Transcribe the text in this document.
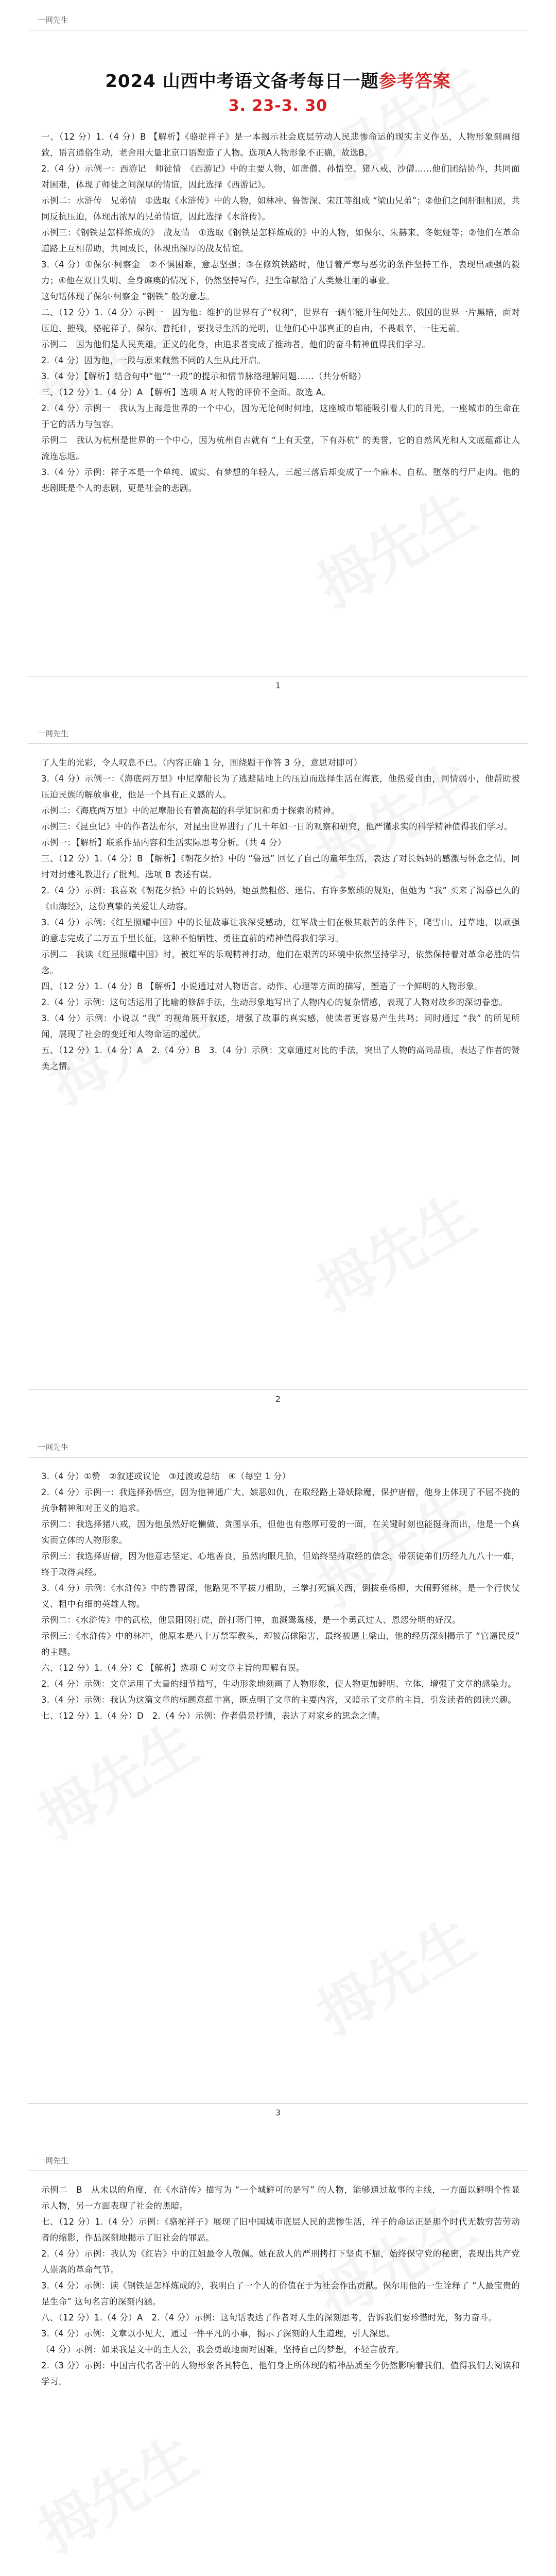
一网先生
2024 山西中考语文备考每日一题参考答案
3. 23-3. 30

一、（12 分）1.（4 分）B 【解析】《骆驼祥子》是一本揭示社会底层劳动人民悲惨命运的现实主义作品，人物形象刻画细致，语言通俗生动，老舍用大量北京口语塑造了人物。选项A人物形象不正确，故选B。

2.（4 分）示例一：西游记　师徒情　《西游记》中的主要人物，如唐僧、孙悟空、猪八戒、沙僧……他们团结协作，共同面对困难，体现了师徒之间深厚的情谊，因此选择《西游记》。

示例二：水浒传　兄弟情　①选取《水浒传》中的人物，如林冲、鲁智深、宋江等组成 “梁山兄弟”；②他们之间肝胆相照，共同反抗压迫，体现出浓厚的兄弟情谊，因此选择《水浒传》。

示例三：《钢铁是怎样炼成的》　战友情　①选取《钢铁是怎样炼成的》中的人物，如保尔、朱赫来、冬妮娅等；②他们在革命道路上互相帮助，共同成长，体现出深厚的战友情谊。

3.（4 分）①保尔·柯察金　②不惧困难，意志坚强；③在修筑铁路时，他冒着严寒与恶劣的条件坚持工作，表现出顽强的毅力；④他在双目失明、全身瘫痪的情况下，仍然坚持写作，把生命献给了人类最壮丽的事业。

这句话体现了保尔·柯察金 “钢铁” 般的意志。

二、（12 分）1.（4 分）示例一　因为他：维护的世界有了“权利”，世界有一辆车能开往何处去。俄国的世界一片黑暗，面对压迫、摧残，骆驼祥子，保尔、普托什，要找寻生活的光明，让他们心中那真正的自由，不畏艰辛，一往无前。

示例二　因为他们是人民英雄，正义的化身，由追求者变成了推动者，他们的奋斗精神值得我们学习。

2.（4 分）因为他，一段与原来截然不同的人生从此开启。

3.（4 分）【解析】结合句中“他”“一段”的提示和情节脉络理解问题……（共分析略）

三、（12 分）1.（4 分）A 【解析】选项 A 对人物的评价不全面。故选 A。

2.（4 分）示例一　我认为上海是世界的一个中心，因为无论何时何地，这座城市都能吸引着人们的目光，一座城市的生命在于它的活力与包容。

示例二　我认为杭州是世界的一个中心，因为杭州自古就有 “上有天堂，下有苏杭” 的美誉，它的自然风光和人文底蕴都让人流连忘返。

3.（4 分）示例：祥子本是一个单纯、诚实、有梦想的年轻人，三起三落后却变成了一个麻木、自私、堕落的行尸走肉。他的悲剧既是个人的悲剧，更是社会的悲剧。

1
一网先生

了人生的光彩，令人叹息不已。（内容正确 1 分，围绕题干作答 3 分，意思对即可）

3.（4 分）示例一：《海底两万里》中尼摩船长为了逃避陆地上的压迫而选择生活在海底，他热爱自由，同情弱小，他帮助被压迫民族的解放事业，他是一个具有正义感的人。

示例二：《海底两万里》中的尼摩船长有着高超的科学知识和勇于探索的精神。

示例三：《昆虫记》中的作者法布尔，对昆虫世界进行了几十年如一日的观察和研究，他严谨求实的科学精神值得我们学习。

示例一：【解析】联系作品内容和生活实际思考分析。（共 4 分）

三、（12 分）1.（4 分）B 【解析】《朝花夕拾》中的 “鲁迅” 回忆了自己的童年生活，表达了对长妈妈的感激与怀念之情，同时对封建礼教进行了批判。选项 B 表述有误。

2.（4 分）示例：我喜欢《朝花夕拾》中的长妈妈，她虽然粗俗、迷信、有许多繁琐的规矩，但她为 “我” 买来了渴慕已久的《山海经》，这份真挚的关爱让人动容。

3.（4 分）示例：《红星照耀中国》中的长征故事让我深受感动，红军战士们在极其艰苦的条件下，爬雪山、过草地，以顽强的意志完成了二万五千里长征，这种不怕牺牲、勇往直前的精神值得我们学习。

示例二　我读《红星照耀中国》时，被红军的乐观精神打动，他们在艰苦的环境中依然坚持学习，依然保持着对革命必胜的信念。

四、（12 分）1.（4 分）B 【解析】小说通过对人物语言、动作、心理等方面的描写，塑造了一个鲜明的人物形象。

2.（4 分）示例：这句话运用了比喻的修辞手法，生动形象地写出了人物内心的复杂情感，表现了人物对故乡的深切眷恋。

3.（4 分）示例：小说以 “我” 的视角展开叙述，增强了故事的真实感，使读者更容易产生共鸣；同时通过 “我” 的所见所闻，展现了社会的变迁和人物命运的起伏。

五、（12 分）1.（4 分）A　2.（4 分）B　3.（4 分）示例：文章通过对比的手法，突出了人物的高尚品质，表达了作者的赞美之情。

2
一网先生

3.（4 分）①赞　②叙述或议论　③过渡或总结　④（每空 1 分）

2.（4 分）示例一：我选择孙悟空，因为他神通广大、嫉恶如仇，在取经路上降妖除魔，保护唐僧，他身上体现了不屈不挠的抗争精神和对正义的追求。

示例二：我选择猪八戒，因为他虽然好吃懒做、贪图享乐，但他也有憨厚可爱的一面，在关键时刻也能挺身而出，他是一个真实而立体的人物形象。

示例三：我选择唐僧，因为他意志坚定、心地善良，虽然肉眼凡胎，但始终坚持取经的信念，带领徒弟们历经九九八十一难，终于取得真经。

3.（4 分）示例：《水浒传》中的鲁智深，他路见不平拔刀相助，三拳打死镇关西，倒拔垂杨柳，大闹野猪林，是一个行侠仗义、粗中有细的英雄人物。

示例二：《水浒传》中的武松，他景阳冈打虎，醉打蒋门神，血溅鸳鸯楼，是一个勇武过人、恩怨分明的好汉。

示例三：《水浒传》中的林冲，他原本是八十万禁军教头，却被高俅陷害，最终被逼上梁山，他的经历深刻揭示了 “官逼民反” 的主题。

六、（12 分）1.（4 分）C 【解析】选项 C 对文章主旨的理解有误。

2.（4 分）示例：文章运用了大量的细节描写，生动形象地刻画了人物形象，使人物更加鲜明、立体，增强了文章的感染力。

3.（4 分）示例：我认为这篇文章的标题意蕴丰富，既点明了文章的主要内容，又暗示了文章的主旨，引发读者的阅读兴趣。

七、（12 分）1.（4 分）D　2.（4 分）示例：作者借景抒情，表达了对家乡的思念之情。

3
一网先生

示例二　B　从未以的角度，在《水浒传》描写为 “一个城鲜可的是写” 的人物，能够通过故事的主线，一方面以鲜明个性显示人物，另一方面表现了社会的黑暗。

七、（12 分）1.（4 分）示例：《骆驼祥子》展现了旧中国城市底层人民的悲惨生活，祥子的命运正是那个时代无数穷苦劳动者的缩影，作品深刻地揭示了旧社会的罪恶。

2.（4 分）示例：我认为《红岩》中的江姐最令人敬佩。她在敌人的严刑拷打下坚贞不屈，始终保守党的秘密，表现出共产党人崇高的革命气节。

3.（4 分）示例：读《钢铁是怎样炼成的》，我明白了一个人的价值在于为社会作出贡献。保尔用他的一生诠释了 “人最宝贵的是生命” 这句名言的深刻内涵。

八、（12 分）1.（4 分）A　2.（4 分）示例：这句话表达了作者对人生的深刻思考，告诉我们要珍惜时光，努力奋斗。

3.（4 分）示例：文章以小见大，通过一件平凡的小事，揭示了深刻的人生道理，引人深思。

（4 分）示例：如果我是文中的主人公，我会勇敢地面对困难，坚持自己的梦想，不轻言放弃。

2.（3 分）示例：中国古代名著中的人物形象各具特色，他们身上所体现的精神品质至今仍然影响着我们，值得我们去阅读和学习。
